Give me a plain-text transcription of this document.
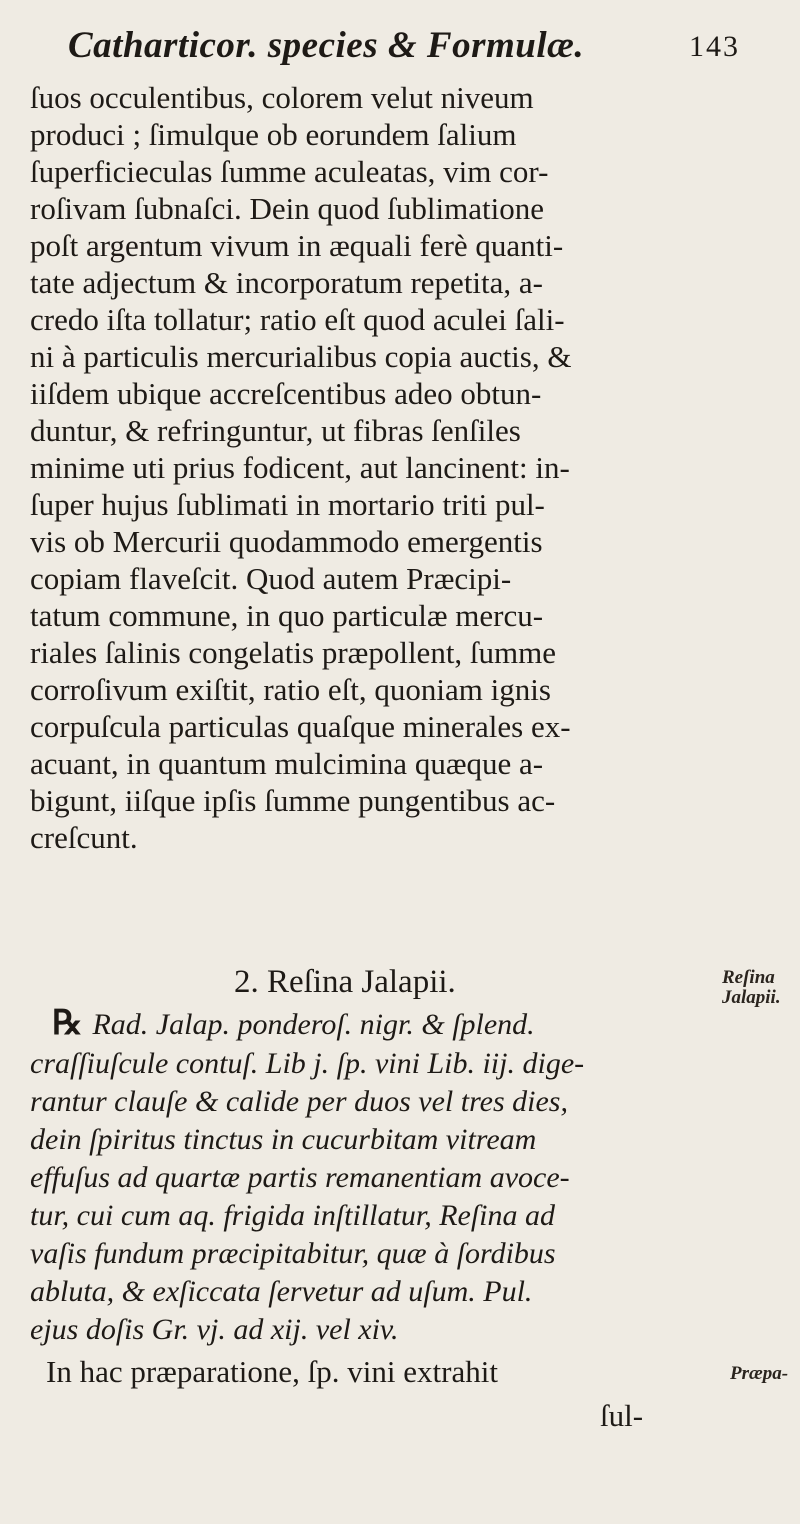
Catharticor. species & Formulæ.	143
ſuos occulentibus, colorem velut niveum
produci ; ſimulque ob eorundem ſalium
ſuperficieculas ſumme aculeatas, vim cor-
roſivam ſubnaſci. Dein quod ſublimatione
poſt argentum vivum in æquali ferè quanti-
tate adjectum & incorporatum repetita, a-
credo iſta tollatur; ratio eſt quod aculei ſali-
ni à particulis mercurialibus copia auctis, &
iiſdem ubique accreſcentibus adeo obtun-
duntur, & refringuntur, ut fibras ſenſiles
minime uti prius fodicent, aut lancinent: in-
ſuper hujus ſublimati in mortario triti pul-
vis ob Mercurii quodammodo emergentis
copiam flaveſcit. Quod autem Præcipi-
tatum commune, in quo particulæ mercu-
riales ſalinis congelatis præpollent, ſumme
corroſivum exiſtit, ratio eſt, quoniam ignis
corpuſcula particulas quaſque minerales ex-
acuant, in quantum mulcimina quæque a-
bigunt, iiſque ipſis ſumme pungentibus ac-
creſcunt.
2. Reſina Jalapii.	Reſina
Jalapii.
℞ Rad. Jalap. ponderoſ. nigr. & ſplend.
craſſiuſcule contuſ. Lib j. ſp. vini Lib. iij. dige-
rantur clauſe & calide per duos vel tres dies,
dein ſpiritus tinctus in cucurbitam vitream
effuſus ad quartæ partis remanentiam avoce-
tur, cui cum aq. frigida inſtillatur, Reſina ad
vaſis fundum præcipitabitur, quæ à ſordibus
abluta, & exſiccata ſervetur ad uſum. Pul.
ejus doſis Gr. vj. ad xij. vel xiv.
In hac præparatione, ſp. vini extrahit	Præpa-
ſul-
